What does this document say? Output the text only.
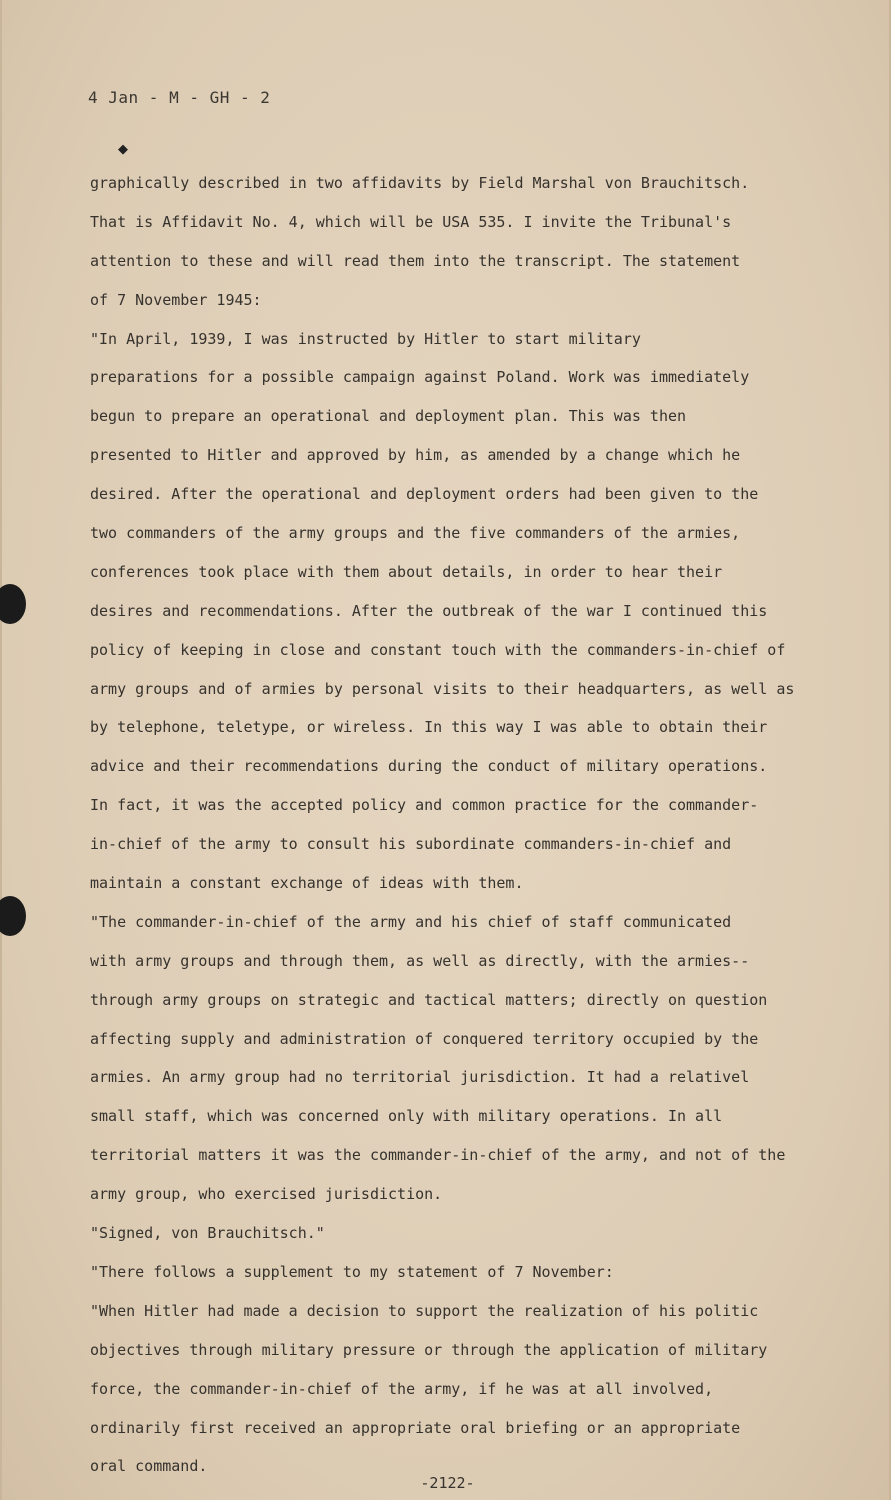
4 Jan - M - GH - 2

◆
graphically described in two affidavits by Field Marshal von Brauchitsch.
That is Affidavit No. 4, which will be USA 535. I invite the Tribunal's
attention to these and will read them into the transcript. The statement
of 7 November 1945:
"In April, 1939, I was instructed by Hitler to start military
preparations for a possible campaign against Poland. Work was immediately
begun to prepare an operational and deployment plan. This was then
presented to Hitler and approved by him, as amended by a change which he
desired. After the operational and deployment orders had been given to the
two commanders of the army groups and the five commanders of the armies,
conferences took place with them about details, in order to hear their
desires and recommendations. After the outbreak of the war I continued this
policy of keeping in close and constant touch with the commanders-in-chief of
army groups and of armies by personal visits to their headquarters, as well as
by telephone, teletype, or wireless. In this way I was able to obtain their
advice and their recommendations during the conduct of military operations.
In fact, it was the accepted policy and common practice for the commander-
in-chief of the army to consult his subordinate commanders-in-chief and
maintain a constant exchange of ideas with them.
"The commander-in-chief of the army and his chief of staff communicated
with army groups and through them, as well as directly, with the armies--
through army groups on strategic and tactical matters; directly on question
affecting supply and administration of conquered territory occupied by the
armies. An army group had no territorial jurisdiction. It had a relativel
small staff, which was concerned only with military operations. In all
territorial matters it was the commander-in-chief of the army, and not of the
army group, who exercised jurisdiction.
"Signed, von Brauchitsch."
"There follows a supplement to my statement of 7 November:
"When Hitler had made a decision to support the realization of his politic
objectives through military pressure or through the application of military
force, the commander-in-chief of the army, if he was at all involved,
ordinarily first received an appropriate oral briefing or an appropriate
oral command.
-2122-
